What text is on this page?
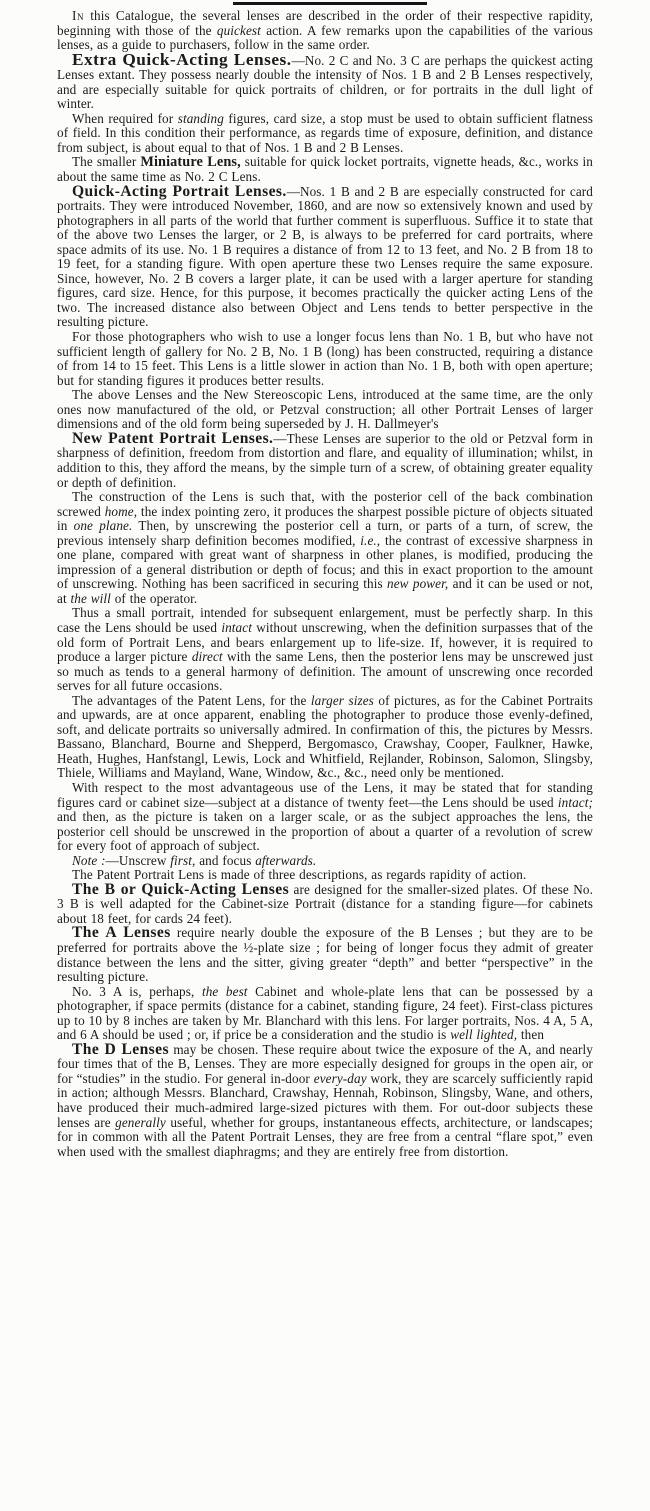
In this Catalogue, the several lenses are described in the order of their respective rapidity, beginning with those of the quickest action. A few remarks upon the capabilities of the various lenses, as a guide to purchasers, follow in the same order.

Extra Quick-Acting Lenses.—No. 2 C and No. 3 C are perhaps the quickest acting Lenses extant. They possess nearly double the intensity of Nos. 1 B and 2 B Lenses respectively, and are especially suitable for quick portraits of children, or for portraits in the dull light of winter.

When required for standing figures, card size, a stop must be used to obtain sufficient flatness of field. In this condition their performance, as regards time of exposure, definition, and distance from subject, is about equal to that of Nos. 1 B and 2 B Lenses.

The smaller Miniature Lens, suitable for quick locket portraits, vignette heads, &c., works in about the same time as No. 2 C Lens.

Quick-Acting Portrait Lenses.—Nos. 1 B and 2 B are especially constructed for card portraits. They were introduced November, 1860, and are now so extensively known and used by photographers in all parts of the world that further comment is superfluous. Suffice it to state that of the above two Lenses the larger, or 2 B, is always to be preferred for card portraits, where space admits of its use. No. 1 B requires a distance of from 12 to 13 feet, and No. 2 B from 18 to 19 feet, for a standing figure. With open aperture these two Lenses require the same exposure. Since, however, No. 2 B covers a larger plate, it can be used with a larger aperture for standing figures, card size. Hence, for this purpose, it becomes practically the quicker acting Lens of the two. The increased distance also between Object and Lens tends to better perspective in the resulting picture.

For those photographers who wish to use a longer focus lens than No. 1 B, but who have not sufficient length of gallery for No. 2 B, No. 1 B (long) has been constructed, requiring a distance of from 14 to 15 feet. This Lens is a little slower in action than No. 1 B, both with open aperture; but for standing figures it produces better results.

The above Lenses and the New Stereoscopic Lens, introduced at the same time, are the only ones now manufactured of the old, or Petzval construction; all other Portrait Lenses of larger dimensions and of the old form being superseded by J. H. Dallmeyer's

New Patent Portrait Lenses.—These Lenses are superior to the old or Petzval form in sharpness of definition, freedom from distortion and flare, and equality of illumination; whilst, in addition to this, they afford the means, by the simple turn of a screw, of obtaining greater equality or depth of definition.

The construction of the Lens is such that, with the posterior cell of the back combination screwed home, the index pointing zero, it produces the sharpest possible picture of objects situated in one plane. Then, by unscrewing the posterior cell a turn, or parts of a turn, of screw, the previous intensely sharp definition becomes modified, i.e., the contrast of excessive sharpness in one plane, compared with great want of sharpness in other planes, is modified, producing the impression of a general distribution or depth of focus; and this in exact proportion to the amount of unscrewing. Nothing has been sacrificed in securing this new power, and it can be used or not, at the will of the operator.

Thus a small portrait, intended for subsequent enlargement, must be perfectly sharp. In this case the Lens should be used intact without unscrewing, when the definition surpasses that of the old form of Portrait Lens, and bears enlargement up to life-size. If, however, it is required to produce a larger picture direct with the same Lens, then the posterior lens may be unscrewed just so much as tends to a general harmony of definition. The amount of unscrewing once recorded serves for all future occasions.

The advantages of the Patent Lens, for the larger sizes of pictures, as for the Cabinet Portraits and upwards, are at once apparent, enabling the photographer to produce those evenly-defined, soft, and delicate portraits so universally admired. In confirmation of this, the pictures by Messrs. Bassano, Blanchard, Bourne and Shepperd, Bergomasco, Crawshay, Cooper, Faulkner, Hawke, Heath, Hughes, Hanfstangl, Lewis, Lock and Whitfield, Rejlander, Robinson, Salomon, Slingsby, Thiele, Williams and Mayland, Wane, Window, &c., &c., need only be mentioned.

With respect to the most advantageous use of the Lens, it may be stated that for standing figures card or cabinet size—subject at a distance of twenty feet—the Lens should be used intact; and then, as the picture is taken on a larger scale, or as the subject approaches the lens, the posterior cell should be unscrewed in the proportion of about a quarter of a revolution of screw for every foot of approach of subject.

Note :—Unscrew first, and focus afterwards.

The Patent Portrait Lens is made of three descriptions, as regards rapidity of action.

The B or Quick-Acting Lenses are designed for the smaller-sized plates. Of these No. 3 B is well adapted for the Cabinet-size Portrait (distance for a standing figure—for cabinets about 18 feet, for cards 24 feet).

The A Lenses require nearly double the exposure of the B Lenses ; but they are to be preferred for portraits above the ½-plate size ; for being of longer focus they admit of greater distance between the lens and the sitter, giving greater “depth” and better “perspective” in the resulting picture.

No. 3 A is, perhaps, the best Cabinet and whole-plate lens that can be possessed by a photographer, if space permits (distance for a cabinet, standing figure, 24 feet). First-class pictures up to 10 by 8 inches are taken by Mr. Blanchard with this lens. For larger portraits, Nos. 4 A, 5 A, and 6 A should be used ; or, if price be a consideration and the studio is well lighted, then

The D Lenses may be chosen. These require about twice the exposure of the A, and nearly four times that of the B, Lenses. They are more especially designed for groups in the open air, or for “studies” in the studio. For general in-door every-day work, they are scarcely sufficiently rapid in action; although Messrs. Blanchard, Crawshay, Hennah, Robinson, Slingsby, Wane, and others, have produced their much-admired large-sized pictures with them. For out-door subjects these lenses are generally useful, whether for groups, instantaneous effects, architecture, or landscapes; for in common with all the Patent Portrait Lenses, they are free from a central “flare spot,” even when used with the smallest diaphragms; and they are entirely free from distortion.
